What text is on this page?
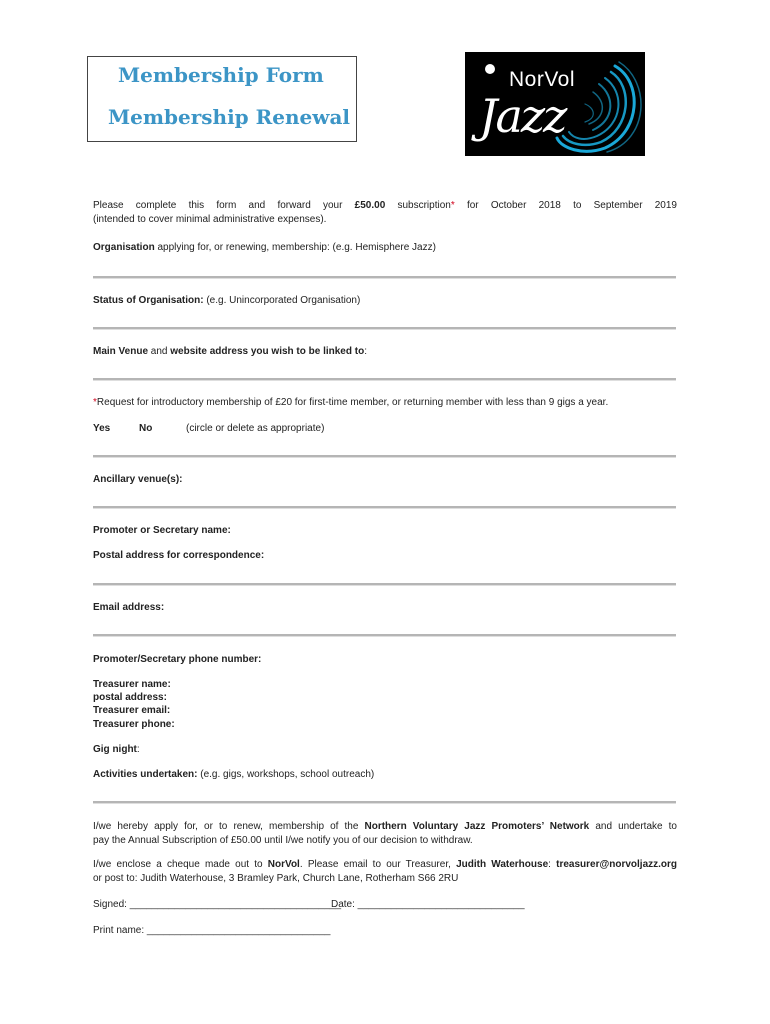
Membership Form
Membership Renewal
NorVol
Jazz
Please complete this form and forward your £50.00 subscription* for October 2018 to September 2019
(intended to cover minimal administrative expenses).
Organisation applying for, or renewing, membership: (e.g. Hemisphere Jazz)
Status of Organisation: (e.g. Unincorporated Organisation)
Main Venue and website address you wish to be linked to:
*Request for introductory membership of £20 for first-time member, or returning member with less than 9 gigs a year.
Yes	No	(circle or delete as appropriate)
Ancillary venue(s):
Promoter or Secretary name:
Postal address for correspondence:
Email address:
Promoter/Secretary phone number:
Treasurer name:
postal address:
Treasurer email:
Treasurer phone:
Gig night:
Activities undertaken: (e.g. gigs, workshops, school outreach)
I/we hereby apply for, or to renew, membership of the Northern Voluntary Jazz Promoters’ Network and undertake to
pay the Annual Subscription of £50.00 until I/we notify you of our decision to withdraw.
I/we enclose a cheque made out to NorVol. Please email to our Treasurer, Judith Waterhouse: treasurer@norvoljazz.org
or post to: Judith Waterhouse, 3 Bramley Park, Church Lane, Rotherham S66 2RU
Signed: ______________________________________
Date: ______________________________
Print name: _________________________________
